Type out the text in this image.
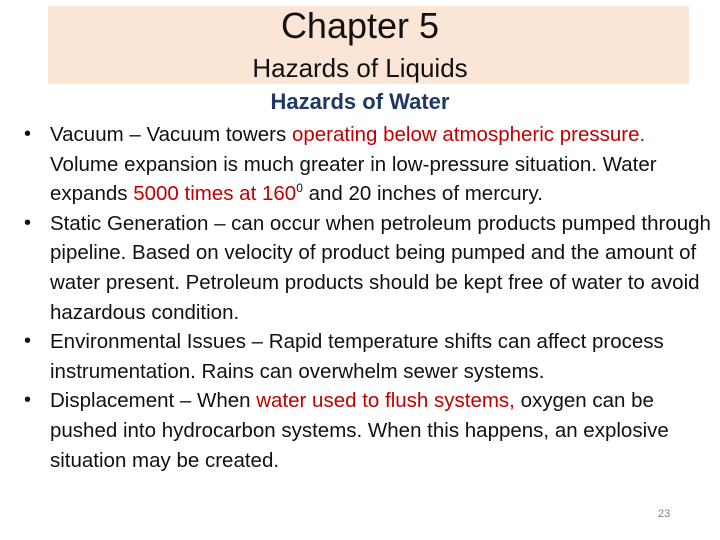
Chapter 5
Hazards of Liquids
Hazards of Water
• Vacuum – Vacuum towers operating below atmospheric pressure. Volume expansion is much greater in low-pressure situation. Water expands 5000 times at $160^0$ and 20 inches of mercury.
• Static Generation – can occur when petroleum products pumped through pipeline. Based on velocity of product being pumped and the amount of water present. Petroleum products should be kept free of water to avoid hazardous condition.
• Environmental Issues – Rapid temperature shifts can affect process instrumentation. Rains can overwhelm sewer systems.
• Displacement – When water used to flush systems, oxygen can be pushed into hydrocarbon systems. When this happens, an explosive situation may be created.
23
